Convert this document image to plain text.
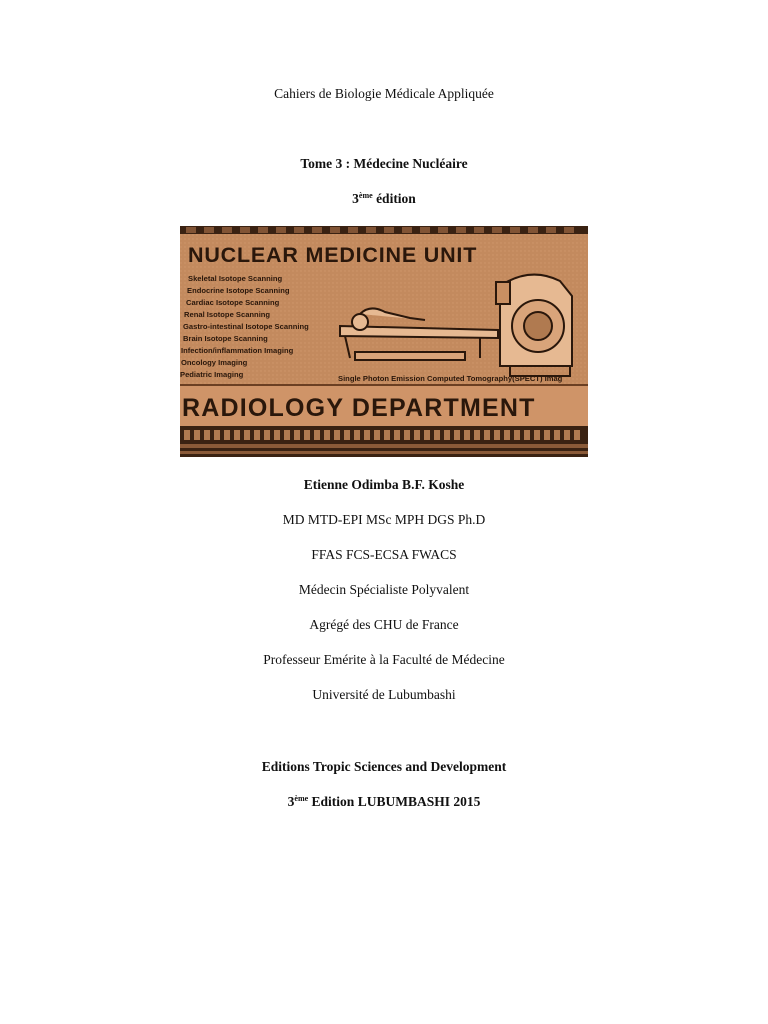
Cahiers de Biologie Médicale Appliquée
Tome 3 : Médecine Nucléaire
3ème édition
NUCLEAR MEDICINE UNIT
Skeletal Isotope Scanning
Endocrine Isotope Scanning
Cardiac Isotope Scanning
Renal Isotope Scanning
Gastro-intestinal Isotope Scanning
Brain Isotope Scanning
Infection/inflammation Imaging
Oncology Imaging
Pediatric Imaging	Single Photon Emission Computed Tomography(SPECT) Imag
RADIOLOGY DEPARTMENT
Etienne Odimba B.F. Koshe
MD MTD-EPI MSc MPH DGS Ph.D
FFAS FCS-ECSA FWACS
Médecin Spécialiste Polyvalent
Agrégé des CHU de France
Professeur Emérite à la Faculté de Médecine
Université de Lubumbashi
Editions Tropic Sciences and Development
3ème Edition LUBUMBASHI 2015
